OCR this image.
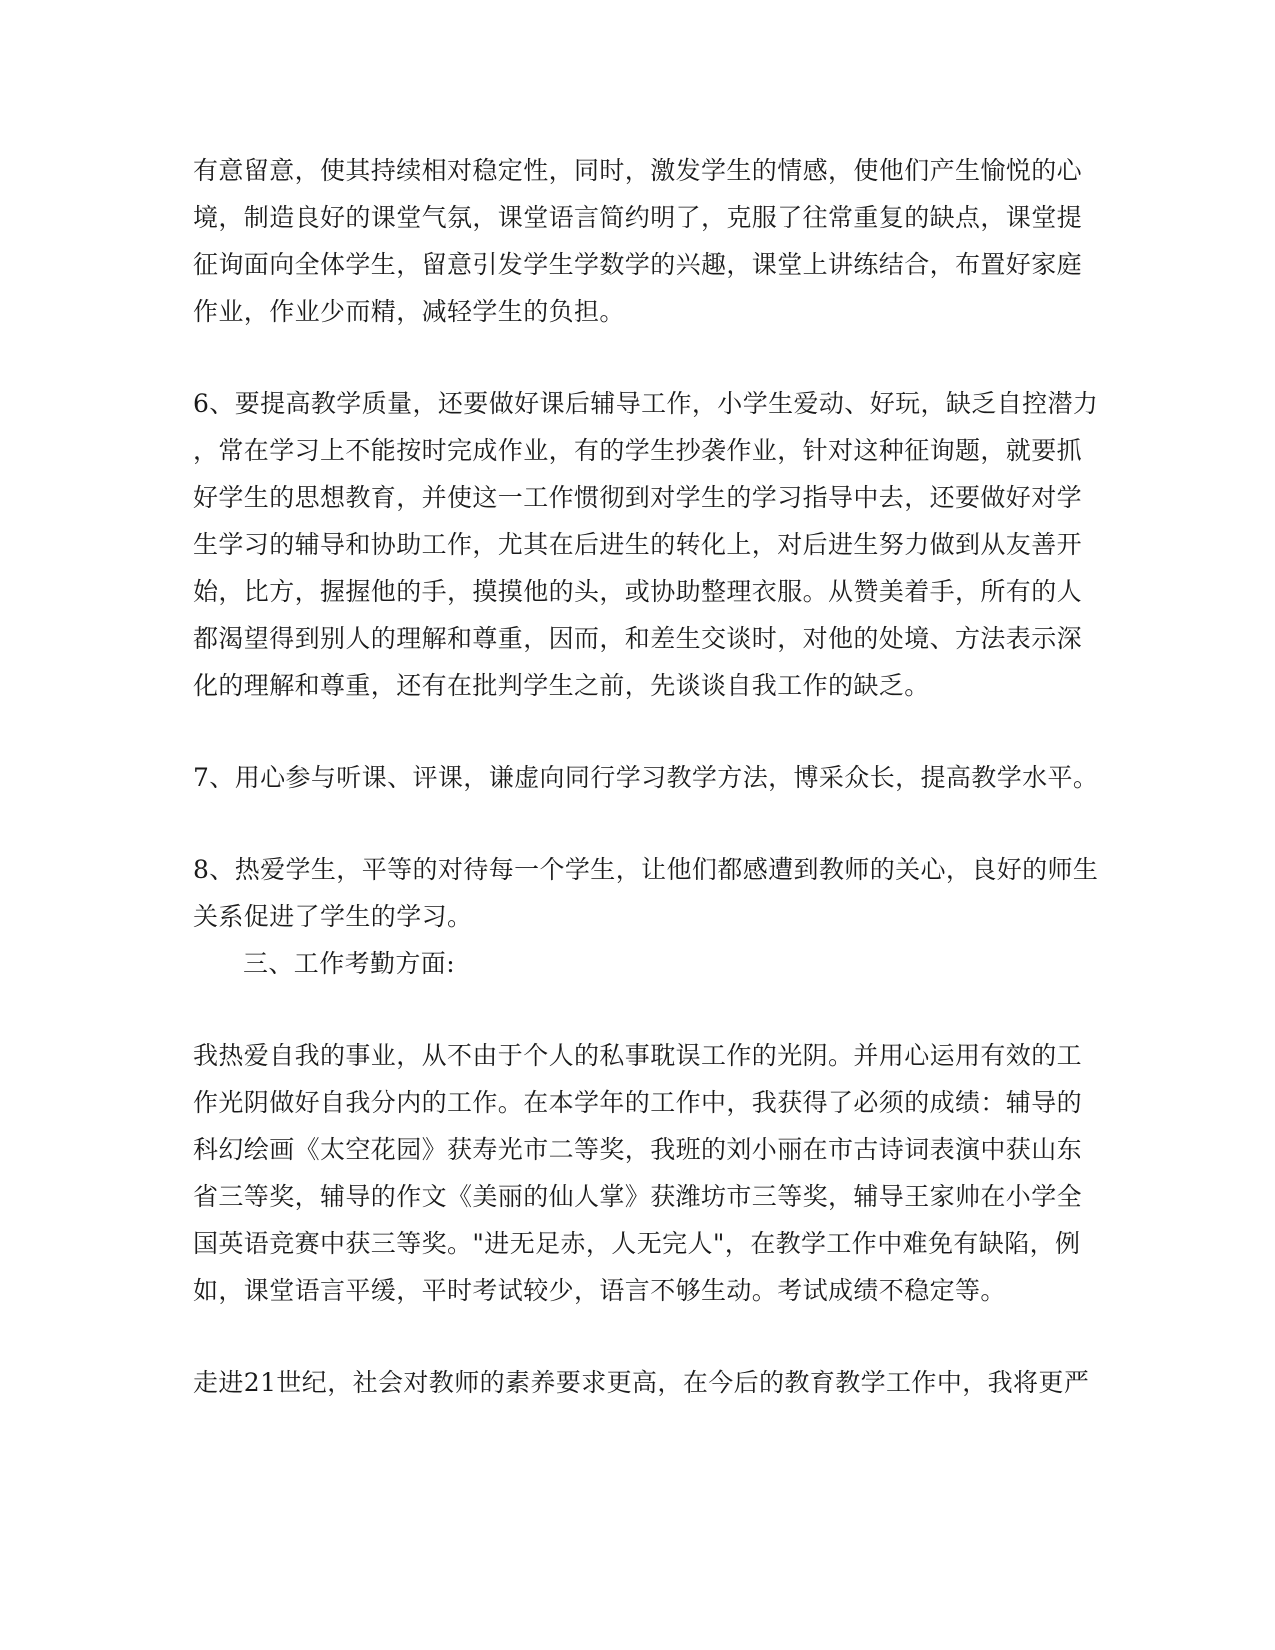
有意留意，使其持续相对稳定性，同时，激发学生的情感，使他们产生愉悦的心
境，制造良好的课堂气氛，课堂语言简约明了，克服了往常重复的缺点，课堂提
征询面向全体学生，留意引发学生学数学的兴趣，课堂上讲练结合，布置好家庭
作业，作业少而精，减轻学生的负担。
6、要提高教学质量，还要做好课后辅导工作，小学生爱动、好玩，缺乏自控潜力
，常在学习上不能按时完成作业，有的学生抄袭作业，针对这种征询题，就要抓
好学生的思想教育，并使这一工作惯彻到对学生的学习指导中去，还要做好对学
生学习的辅导和协助工作，尤其在后进生的转化上，对后进生努力做到从友善开
始，比方，握握他的手，摸摸他的头，或协助整理衣服。从赞美着手，所有的人
都渴望得到别人的理解和尊重，因而，和差生交谈时，对他的处境、方法表示深
化的理解和尊重，还有在批判学生之前，先谈谈自我工作的缺乏。
7、用心参与听课、评课，谦虚向同行学习教学方法，博采众长，提高教学水平。
8、热爱学生，平等的对待每一个学生，让他们都感遭到教师的关心，良好的师生
关系促进了学生的学习。
三、工作考勤方面:
我热爱自我的事业，从不由于个人的私事耽误工作的光阴。并用心运用有效的工
作光阴做好自我分内的工作。在本学年的工作中，我获得了必须的成绩：辅导的
科幻绘画《太空花园》获寿光市二等奖，我班的刘小丽在市古诗词表演中获山东
省三等奖，辅导的作文《美丽的仙人掌》获潍坊市三等奖，辅导王家帅在小学全
国英语竞赛中获三等奖。"进无足赤，人无完人"，在教学工作中难免有缺陷，例
如，课堂语言平缓，平时考试较少，语言不够生动。考试成绩不稳定等。
走进21世纪，社会对教师的素养要求更高，在今后的教育教学工作中，我将更严
